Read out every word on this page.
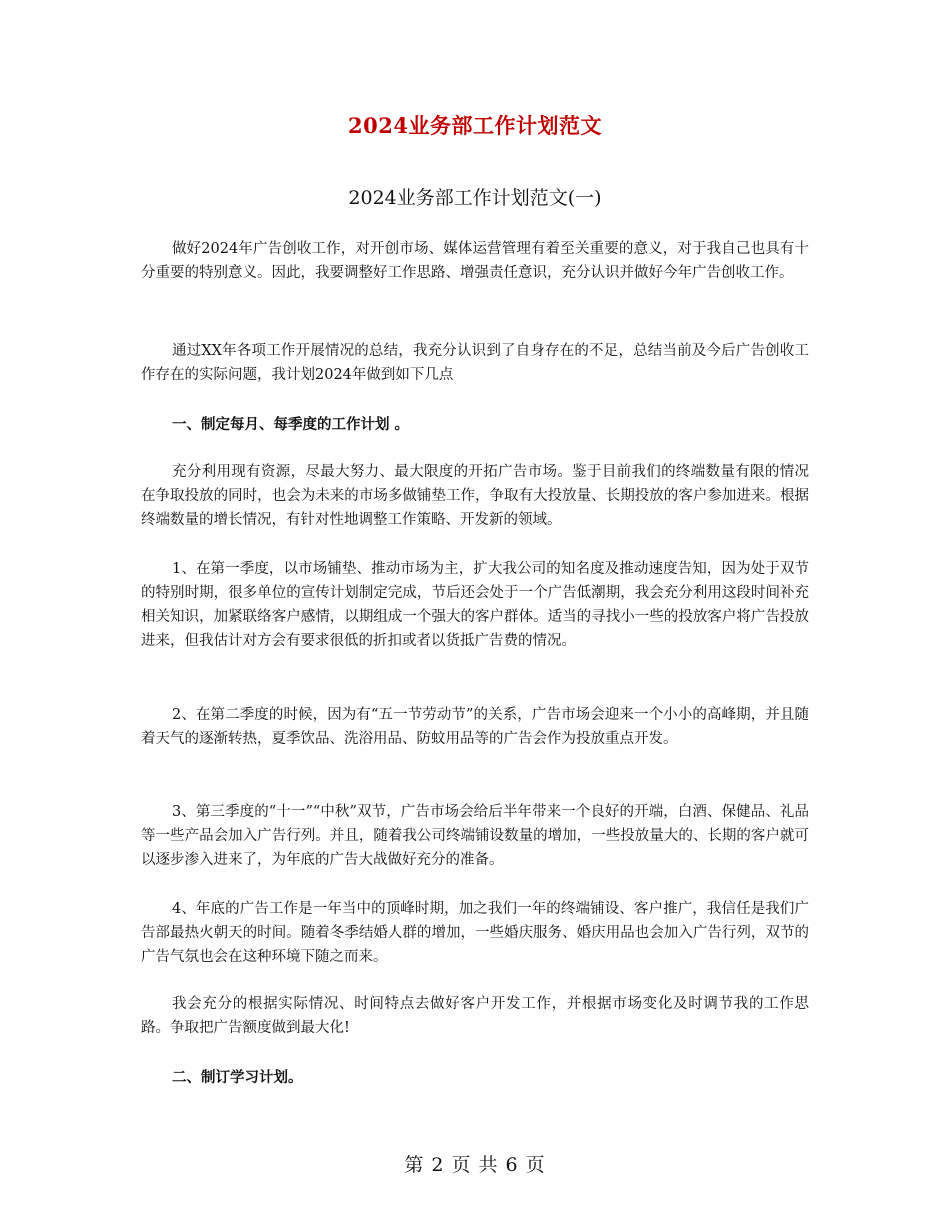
2024业务部工作计划范文
2024业务部工作计划范文(一)

做好2024年广告创收工作，对开创市场、媒体运营管理有着至关重要的意义，对于我自己也具有十分重要的特别意义。因此，我要调整好工作思路、增强责任意识，充分认识并做好今年广告创收工作。

通过XX年各项工作开展情况的总结，我充分认识到了自身存在的不足，总结当前及今后广告创收工作存在的实际问题，我计划2024年做到如下几点

一、制定每月、每季度的工作计划 。

充分利用现有资源，尽最大努力、最大限度的开拓广告市场。鉴于目前我们的终端数量有限的情况在争取投放的同时，也会为未来的市场多做铺垫工作，争取有大投放量、长期投放的客户参加进来。根据终端数量的增长情况，有针对性地调整工作策略、开发新的领域。

1、在第一季度，以市场铺垫、推动市场为主，扩大我公司的知名度及推动速度告知，因为处于双节的特别时期，很多单位的宣传计划制定完成，节后还会处于一个广告低潮期，我会充分利用这段时间补充相关知识，加紧联络客户感情，以期组成一个强大的客户群体。适当的寻找小一些的投放客户将广告投放进来，但我估计对方会有要求很低的折扣或者以货抵广告费的情况。

2、在第二季度的时候，因为有“五一节劳动节”的关系，广告市场会迎来一个小小的高峰期，并且随着天气的逐渐转热，夏季饮品、洗浴用品、防蚊用品等的广告会作为投放重点开发。

3、第三季度的“十一”“中秋”双节，广告市场会给后半年带来一个良好的开端，白酒、保健品、礼品等一些产品会加入广告行列。并且，随着我公司终端铺设数量的增加，一些投放量大的、长期的客户就可以逐步渗入进来了，为年底的广告大战做好充分的准备。

4、年底的广告工作是一年当中的顶峰时期，加之我们一年的终端铺设、客户推广，我信任是我们广告部最热火朝天的时间。随着冬季结婚人群的增加，一些婚庆服务、婚庆用品也会加入广告行列，双节的广告气氛也会在这种环境下随之而来。

我会充分的根据实际情况、时间特点去做好客户开发工作，并根据市场变化及时调节我的工作思路。争取把广告额度做到最大化!

二、制订学习计划。

第 2 页 共 6 页
